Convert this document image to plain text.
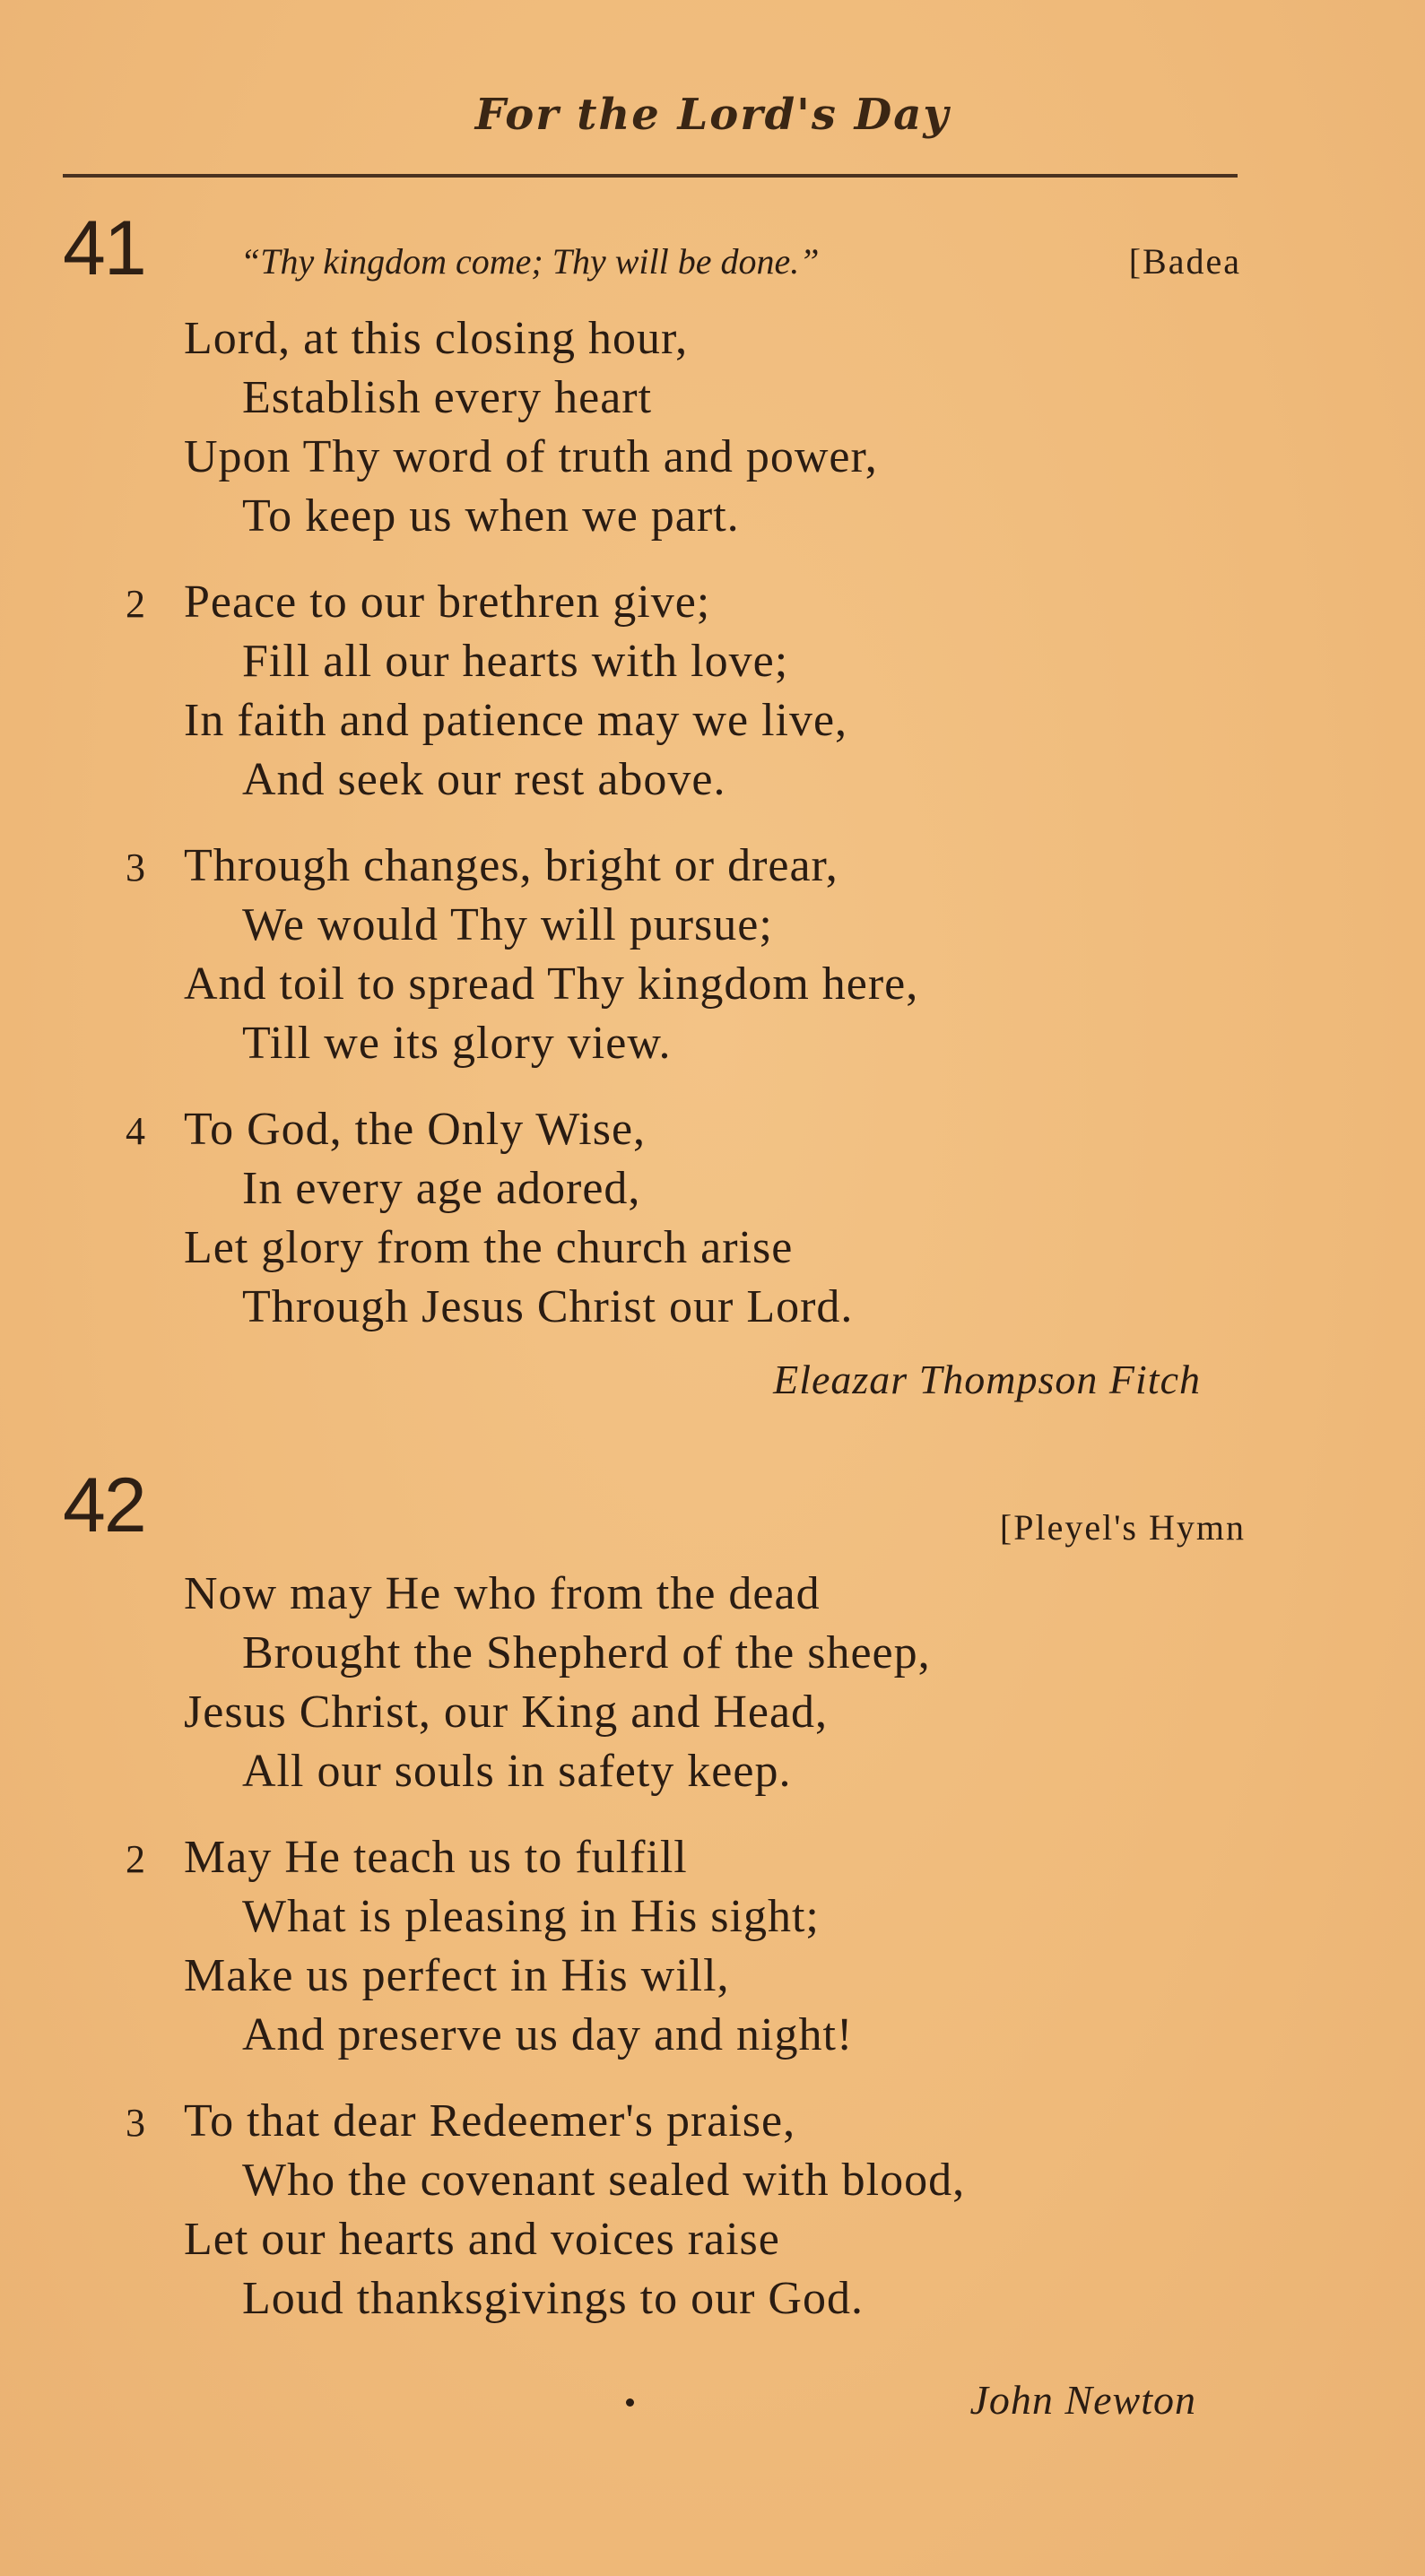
For the Lord's Day
41	“Thy kingdom come; Thy will be done.”	[Badea
Lord, at this closing hour,
Establish every heart
Upon Thy word of truth and power,
To keep us when we part.
2 Peace to our brethren give;
Fill all our hearts with love;
In faith and patience may we live,
And seek our rest above.
3 Through changes, bright or drear,
We would Thy will pursue;
And toil to spread Thy kingdom here,
Till we its glory view.
4 To God, the Only Wise,
In every age adored,
Let glory from the church arise
Through Jesus Christ our Lord.
Eleazar Thompson Fitch
42	[Pleyel's Hymn
Now may He who from the dead
Brought the Shepherd of the sheep,
Jesus Christ, our King and Head,
All our souls in safety keep.
2 May He teach us to fulfill
What is pleasing in His sight;
Make us perfect in His will,
And preserve us day and night!
3 To that dear Redeemer's praise,
Who the covenant sealed with blood,
Let our hearts and voices raise
Loud thanksgivings to our God.
John Newton
